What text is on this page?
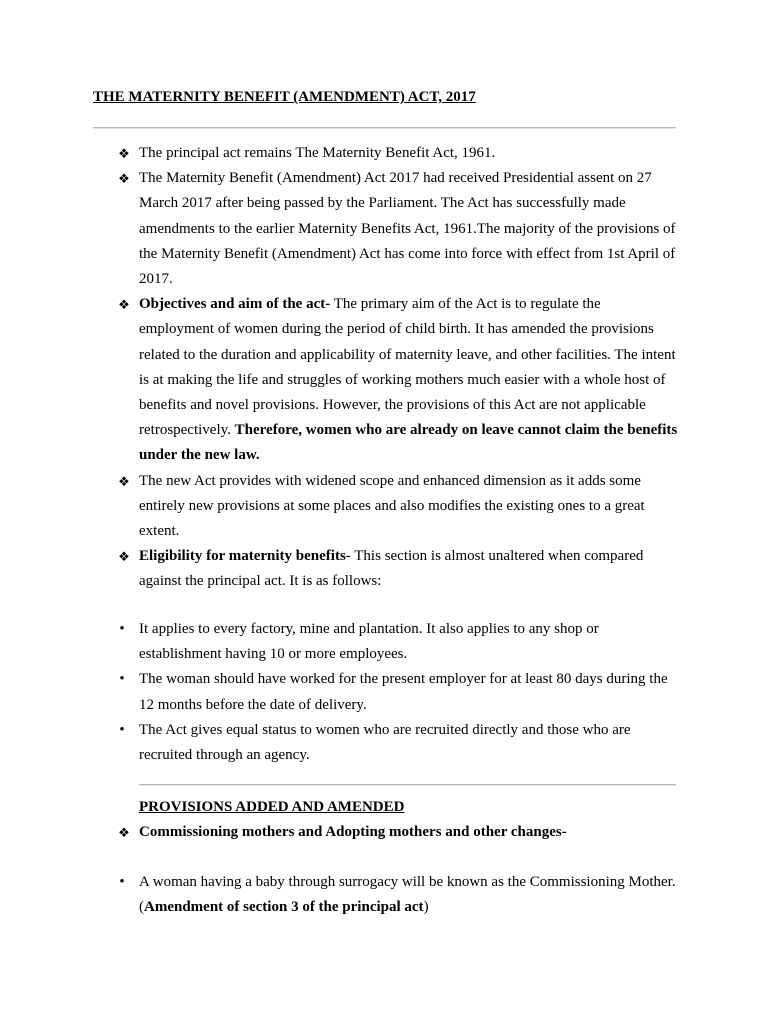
THE MATERNITY BENEFIT (AMENDMENT) ACT, 2017
❖ The principal act remains The Maternity Benefit Act, 1961.
❖ The Maternity Benefit (Amendment) Act 2017 had received Presidential assent on 27 March 2017 after being passed by the Parliament. The Act has successfully made amendments to the earlier Maternity Benefits Act, 1961.The majority of the provisions of the Maternity Benefit (Amendment) Act has come into force with effect from 1st April of 2017.
❖ Objectives and aim of the act- The primary aim of the Act is to regulate the employment of women during the period of child birth. It has amended the provisions related to the duration and applicability of maternity leave, and other facilities. The intent is at making the life and struggles of working mothers much easier with a whole host of benefits and novel provisions. However, the provisions of this Act are not applicable retrospectively. Therefore, women who are already on leave cannot claim the benefits under the new law.
❖ The new Act provides with widened scope and enhanced dimension as it adds some entirely new provisions at some places and also modifies the existing ones to a great extent.
❖ Eligibility for maternity benefits- This section is almost unaltered when compared against the principal act. It is as follows:
• It applies to every factory, mine and plantation. It also applies to any shop or establishment having 10 or more employees.
• The woman should have worked for the present employer for at least 80 days during the 12 months before the date of delivery.
• The Act gives equal status to women who are recruited directly and those who are recruited through an agency.
PROVISIONS ADDED AND AMENDED
❖ Commissioning mothers and Adopting mothers and other changes-
• A woman having a baby through surrogacy will be known as the Commissioning Mother. (Amendment of section 3 of the principal act)
